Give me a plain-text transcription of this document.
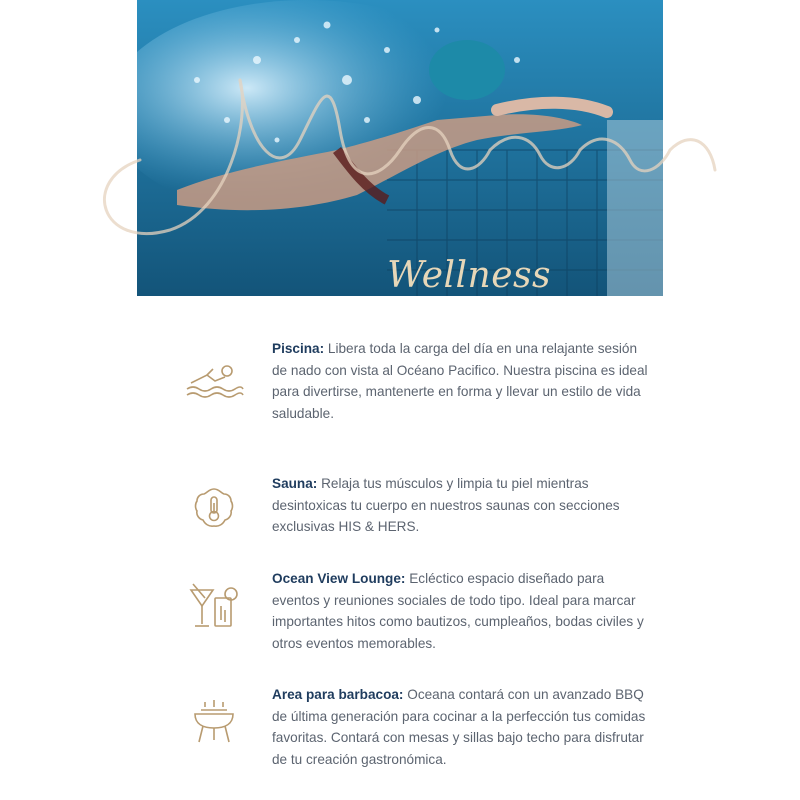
Wellness
Piscina: Libera toda la carga del día en una relajante sesión de nado con vista al Océano Pacifico. Nuestra piscina es ideal para divertirse, mantenerte en forma y llevar un estilo de vida saludable.
Sauna: Relaja tus músculos y limpia tu piel mientras desintoxicas tu cuerpo en nuestros saunas con secciones exclusivas HIS & HERS.
Ocean View Lounge: Ecléctico espacio diseñado para eventos y reuniones sociales de todo tipo. Ideal para marcar importantes hitos como bautizos, cumpleaños, bodas civiles y otros eventos memorables.
Area para barbacoa: Oceana contará con un avanzado BBQ de última generación para cocinar a la perfección tus comidas favoritas. Contará con mesas y sillas bajo techo para disfrutar de tu creación gastronómica.
